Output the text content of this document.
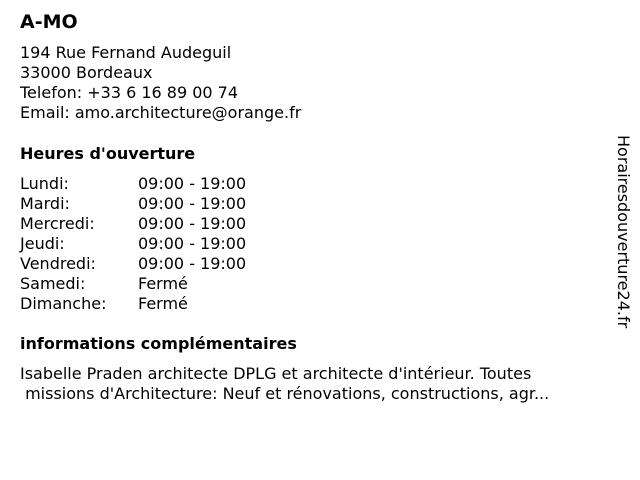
A-MO
194 Rue Fernand Audeguil
33000 Bordeaux
Telefon: +33 6 16 89 00 74
Email: amo.architecture@orange.fr
Heures d'ouverture
Lundi:	09:00 - 19:00
Mardi:	09:00 - 19:00
Mercredi:	09:00 - 19:00
Jeudi:	09:00 - 19:00
Vendredi:	09:00 - 19:00
Samedi:	Fermé
Dimanche: Fermé
informations complémentaires
Isabelle Praden architecte DPLG et architecte d'intérieur. Toutes
missions d'Architecture: Neuf et rénovations, constructions, agr...
Horairesdouverture24.fr
